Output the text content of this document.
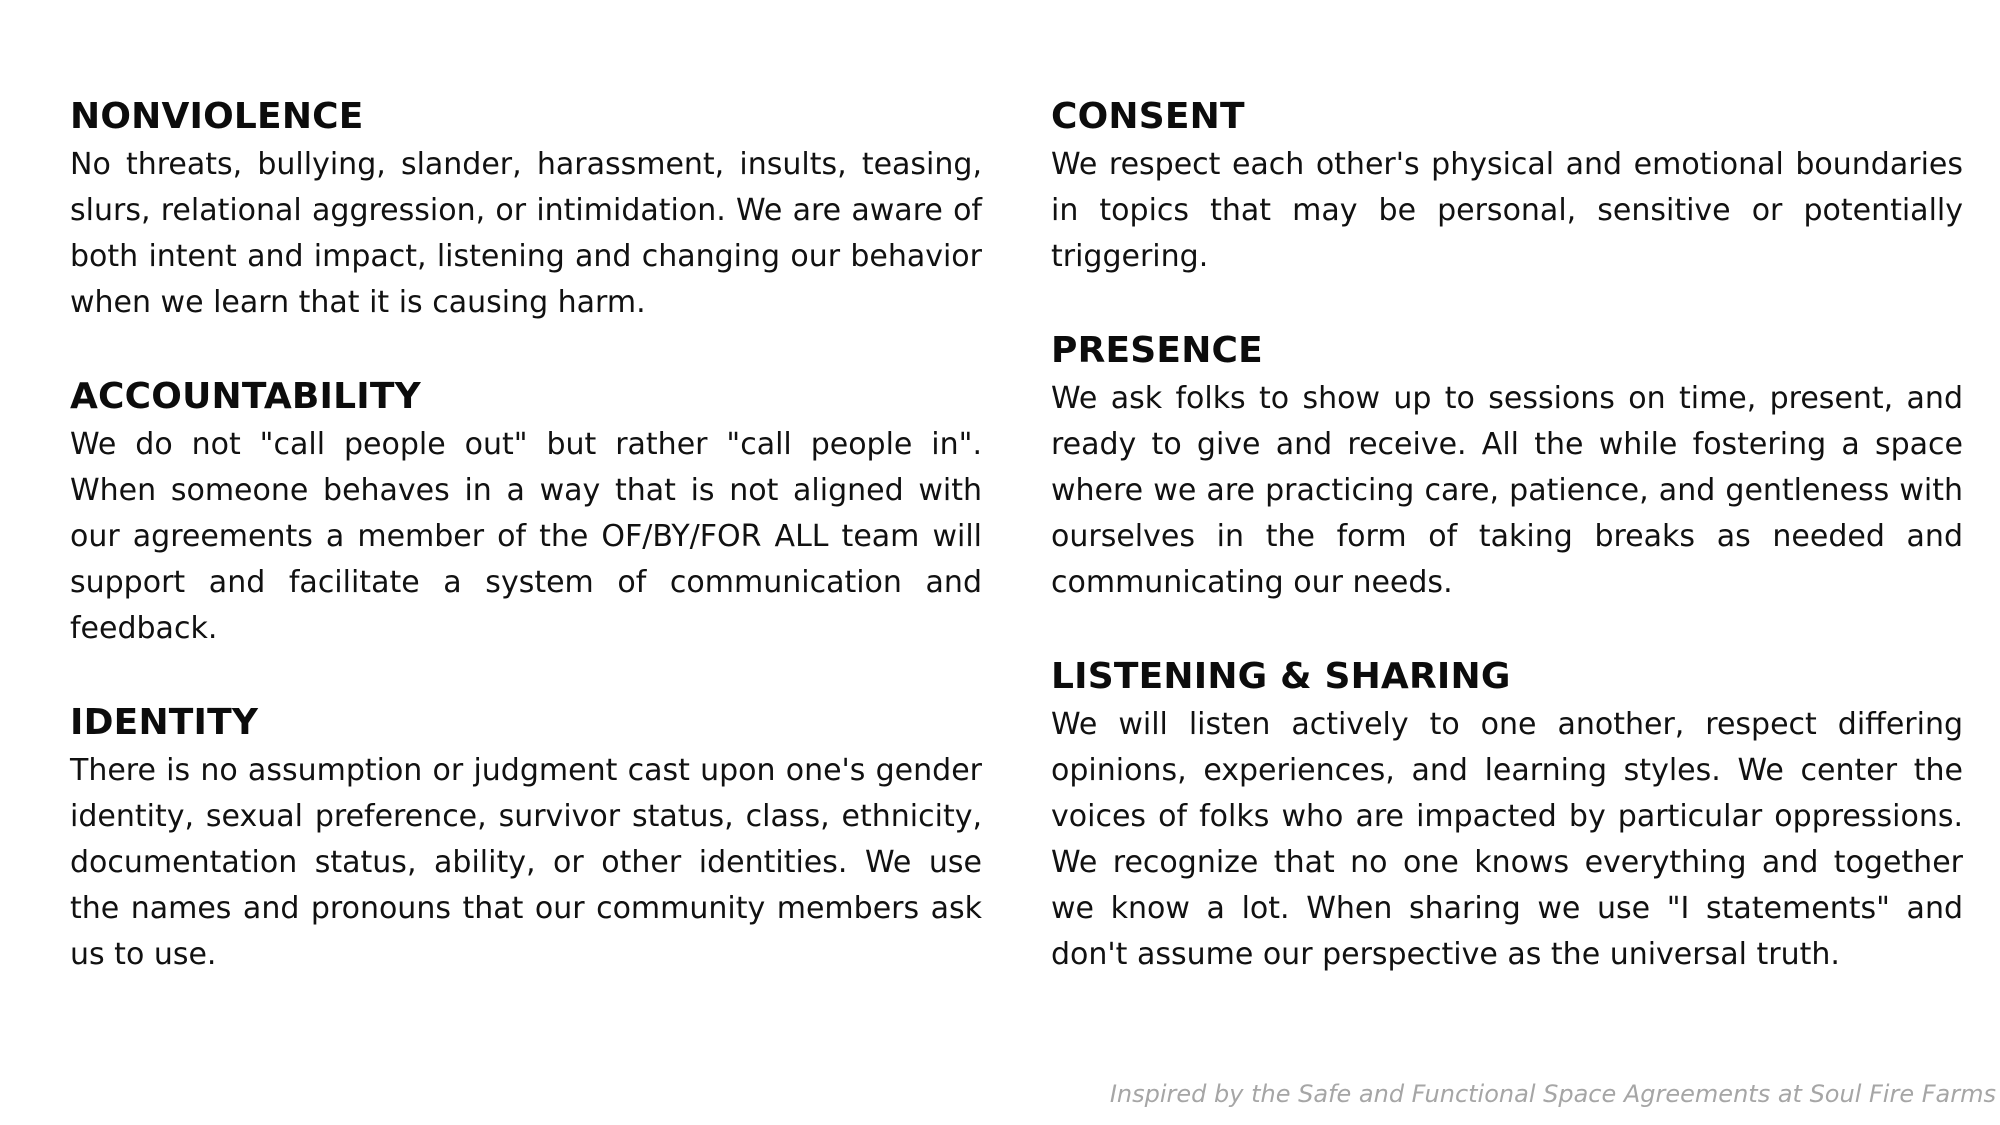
NONVIOLENCE

No threats, bullying, slander, harassment, insults, teasing, slurs, relational aggression, or intimidation. We are aware of both intent and impact, listening and changing our behavior when we learn that it is causing harm.

ACCOUNTABILITY

We do not "call people out" but rather "call people in". When someone behaves in a way that is not aligned with our agreements a member of the OF/BY/FOR ALL team will support and facilitate a system of communication and feedback.

IDENTITY

There is no assumption or judgment cast upon one's gender identity, sexual preference, survivor status, class, ethnicity, documentation status, ability, or other identities. We use the names and pronouns that our community members ask us to use.

CONSENT

We respect each other's physical and emotional boundaries in topics that may be personal, sensitive or potentially triggering.

PRESENCE

We ask folks to show up to sessions on time, present, and ready to give and receive. All the while fostering a space where we are practicing care, patience, and gentleness with ourselves in the form of taking breaks as needed and communicating our needs.

LISTENING & SHARING

We will listen actively to one another, respect differing opinions, experiences, and learning styles. We center the voices of folks who are impacted by particular oppressions. We recognize that no one knows everything and together we know a lot. When sharing we use "I statements" and don't assume our perspective as the universal truth.

Inspired by the Safe and Functional Space Agreements at Soul Fire Farms
